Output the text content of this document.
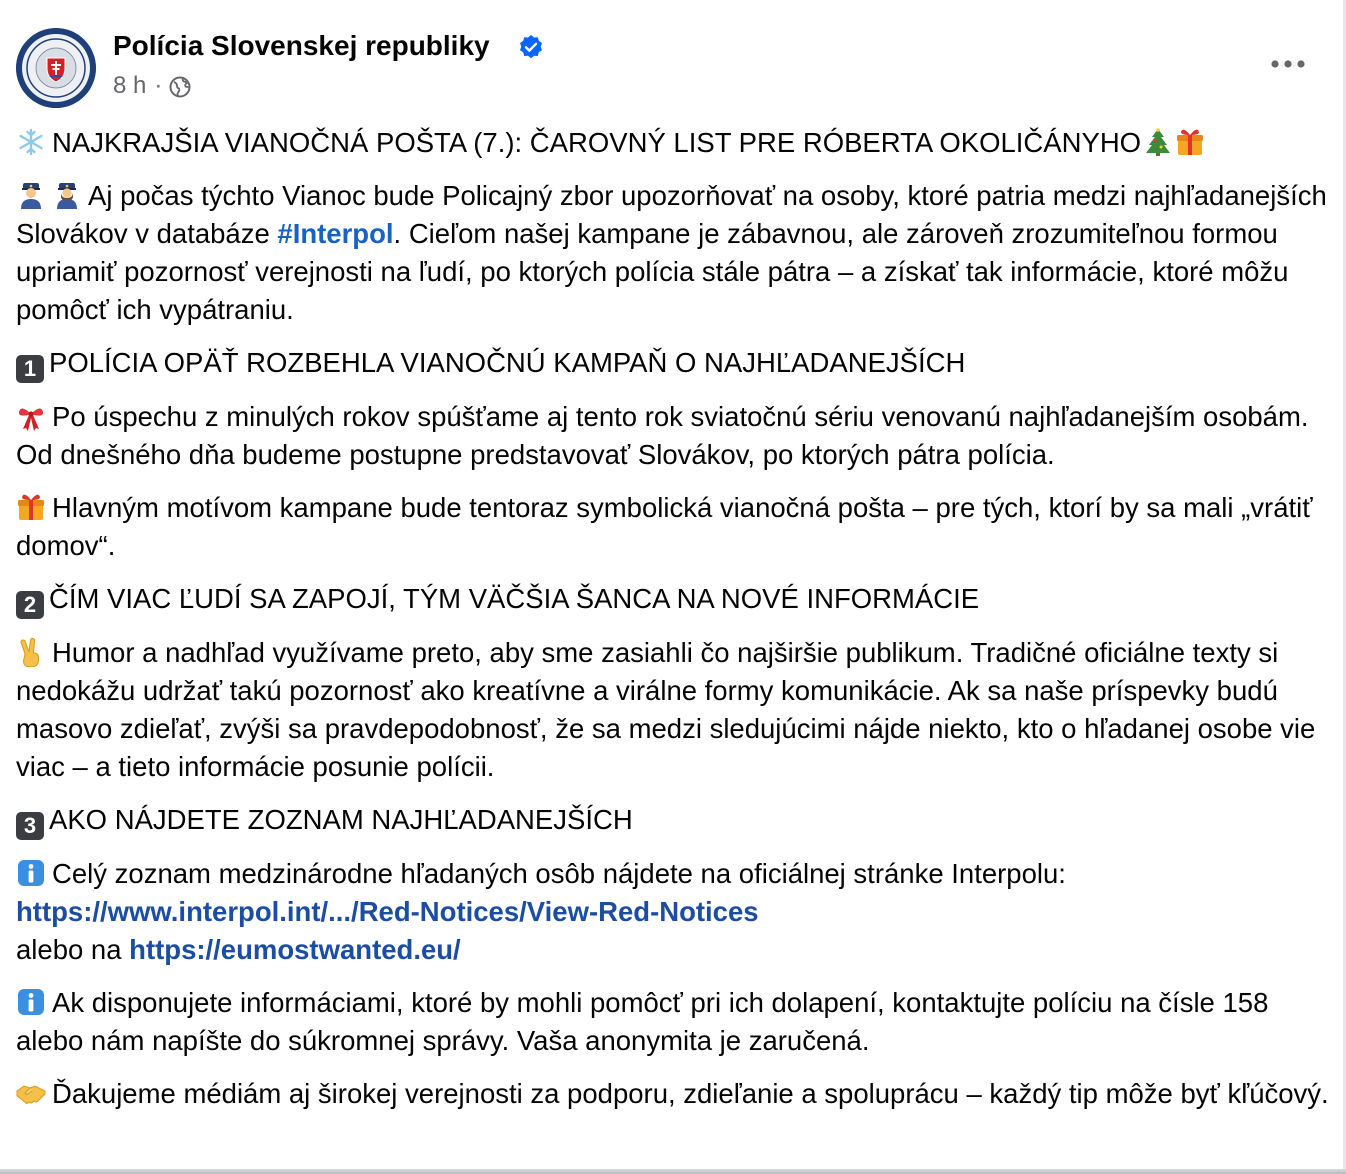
Polícia Slovenskej republiky
8 h ·
NAJKRAJŠIA VIANOČNÁ POŠTA (7.): ČAROVNÝ LIST PRE RÓBERTA OKOLIČÁNYHO
Aj počas týchto Vianoc bude Policajný zbor upozorňovať na osoby, ktoré patria medzi najhľadanejších Slovákov v databáze #Interpol. Cieľom našej kampane je zábavnou, ale zároveň zrozumiteľnou formou upriamiť pozornosť verejnosti na ľudí, po ktorých polícia stále pátra – a získať tak informácie, ktoré môžu pomôcť ich vypátraniu.
1 POLÍCIA OPÄŤ ROZBEHLA VIANOČNÚ KAMPAŇ O NAJHĽADANEJŠÍCH
Po úspechu z minulých rokov spúšťame aj tento rok sviatočnú sériu venovanú najhľadanejším osobám. Od dnešného dňa budeme postupne predstavovať Slovákov, po ktorých pátra polícia.
Hlavným motívom kampane bude tentoraz symbolická vianočná pošta – pre tých, ktorí by sa mali „vrátiť domov“.
2 ČÍM VIAC ĽUDÍ SA ZAPOJÍ, TÝM VÄČŠIA ŠANCA NA NOVÉ INFORMÁCIE
Humor a nadhľad využívame preto, aby sme zasiahli čo najširšie publikum. Tradičné oficiálne texty si nedokážu udržať takú pozornosť ako kreatívne a virálne formy komunikácie. Ak sa naše príspevky budú masovo zdieľať, zvýši sa pravdepodobnosť, že sa medzi sledujúcimi nájde niekto, kto o hľadanej osobe vie viac – a tieto informácie posunie polícii.
3 AKO NÁJDETE ZOZNAM NAJHĽADANEJŠÍCH
Celý zoznam medzinárodne hľadaných osôb nájdete na oficiálnej stránke Interpolu:
https://www.interpol.int/.../Red-Notices/View-Red-Notices
alebo na https://eumostwanted.eu/
Ak disponujete informáciami, ktoré by mohli pomôcť pri ich dolapení, kontaktujte políciu na čísle 158 alebo nám napíšte do súkromnej správy. Vaša anonymita je zaručená.
Ďakujeme médiám aj širokej verejnosti za podporu, zdieľanie a spoluprácu – každý tip môže byť kľúčový.
